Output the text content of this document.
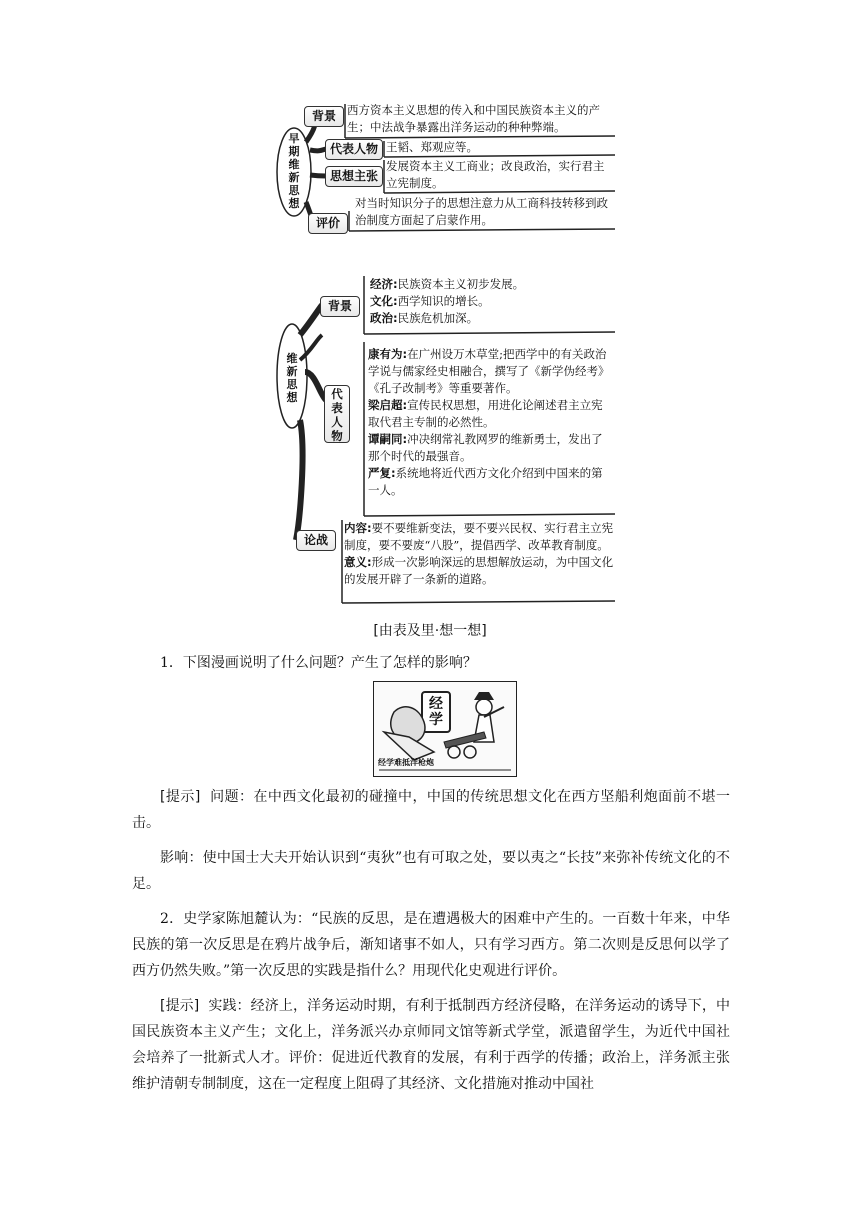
早期维新思想
背景 西方资本主义思想的传入和中国民族资本主义的产生；中法战争暴露出洋务运动的种种弊端。
代表人物 王韬、郑观应等。
思想主张
发展资本主义工商业；改良政治，实行君主立宪制度。
评价
对当时知识分子的思想注意力从工商科技转移到政治制度方面起了启蒙作用。
维新思想
背景
经济:民族资本主义初步发展。
文化:西学知识的增长。
政治:民族危机加深。
代表人物
康有为:在广州设万木草堂;把西学中的有关政治学说与儒家经史相融合，撰写了《新学伪经考》《孔子改制考》等重要著作。
梁启超:宣传民权思想，用进化论阐述君主立宪取代君主专制的必然性。
谭嗣同:冲决纲常礼教网罗的维新勇士，发出了那个时代的最强音。
严复:系统地将近代西方文化介绍到中国来的第一人。
论战
内容:要不要维新变法，要不要兴民权、实行君主立宪制度，要不要废“八股”，提倡西学、改革教育制度。
意义:形成一次影响深远的思想解放运动，为中国文化的发展开辟了一条新的道路。
[由表及里·想一想]
1．下图漫画说明了什么问题？产生了怎样的影响？
经学
经学难抵洋枪炮
[提示] 问题：在中西文化最初的碰撞中，中国的传统思想文化在西方坚船利炮面前不堪一击。
影响：使中国士大夫开始认识到“夷狄”也有可取之处，要以夷之“长技”来弥补传统文化的不足。
2．史学家陈旭麓认为：“民族的反思，是在遭遇极大的困难中产生的。一百数十年来，中华民族的第一次反思是在鸦片战争后，渐知诸事不如人，只有学习西方。第二次则是反思何以学了西方仍然失败。”第一次反思的实践是指什么？用现代化史观进行评价。
[提示] 实践：经济上，洋务运动时期，有利于抵制西方经济侵略，在洋务运动的诱导下，中国民族资本主义产生；文化上，洋务派兴办京师同文馆等新式学堂，派遣留学生，为近代中国社会培养了一批新式人才。评价：促进近代教育的发展，有利于西学的传播；政治上，洋务派主张维护清朝专制制度，这在一定程度上阻碍了其经济、文化措施对推动中国社
